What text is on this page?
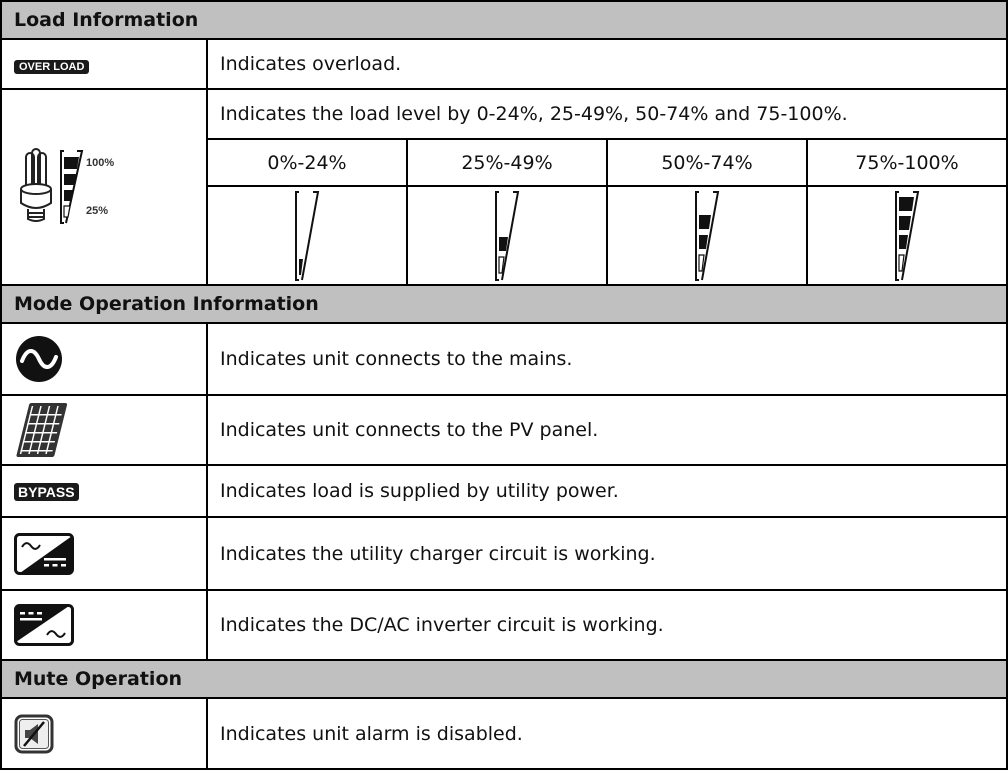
Load Information				
OVER LOAD	Indicates overload.			

100%
25%	Indicates the load level by 0-24%, 25-49%, 50-74% and 75-100%.			
	0%-24%	25%-49%	50%-74%	75%-100%

Mode Operation Information				

	Indicates unit connects to the mains.			

	Indicates unit connects to the PV panel.			
BYPASS	Indicates load is supplied by utility power.			

	Indicates the utility charger circuit is working.			

	Indicates the DC/AC inverter circuit is working.			
Mute Operation				

	Indicates unit alarm is disabled.			
